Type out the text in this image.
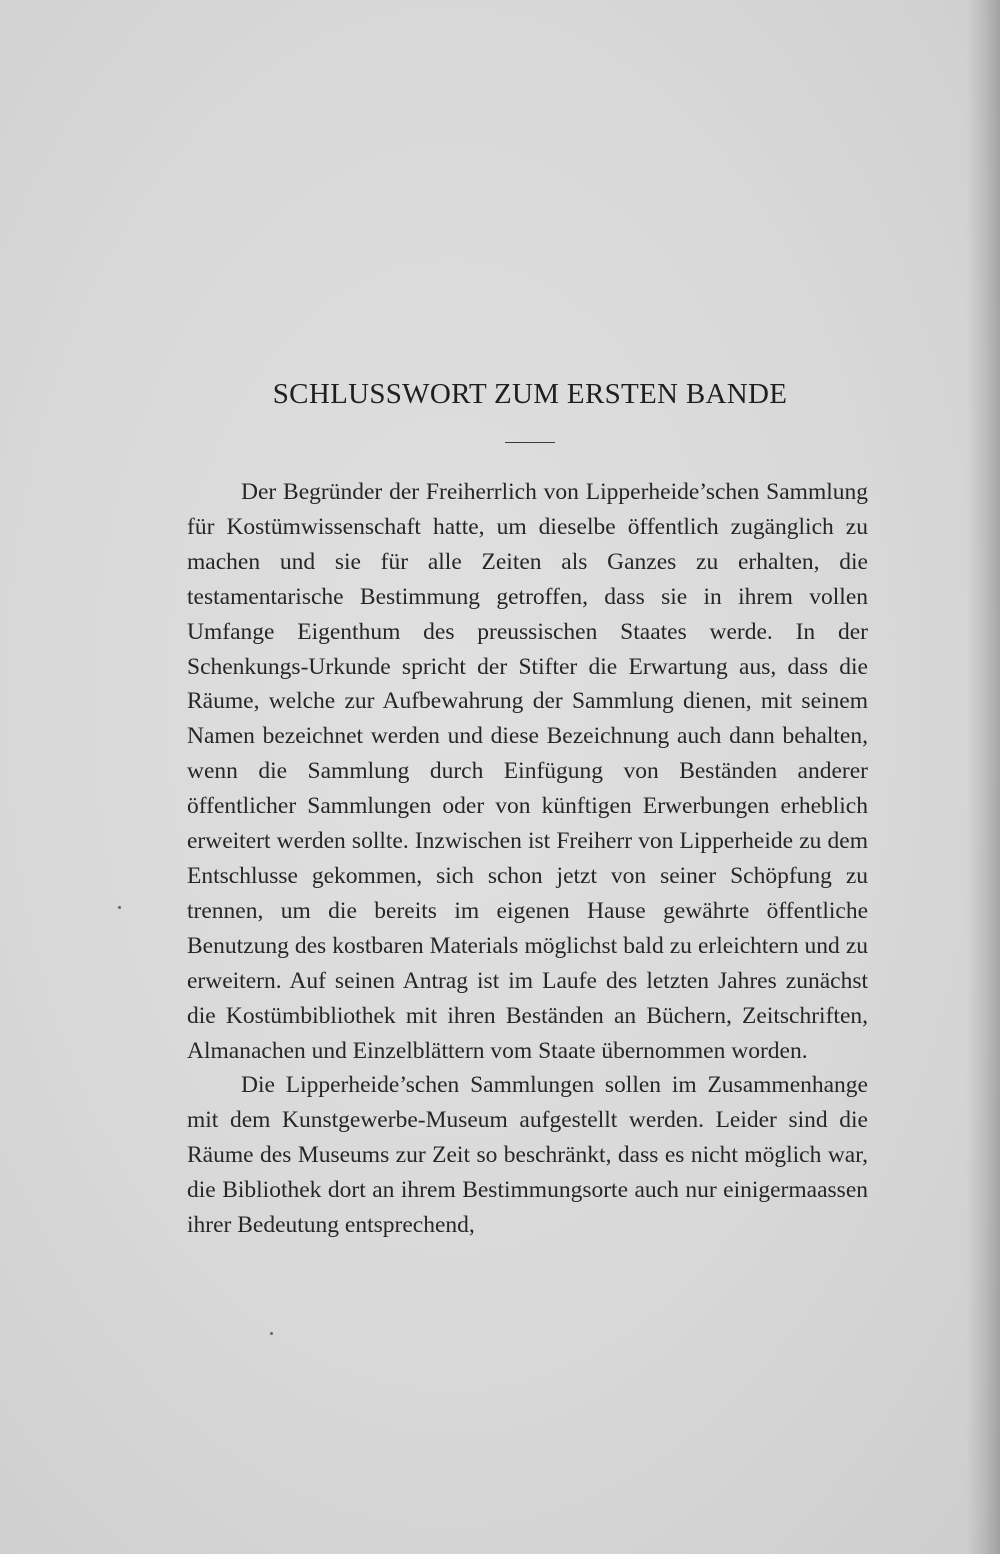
SCHLUSSWORT ZUM ERSTEN BANDE

Der Begründer der Freiherrlich von Lipperheide’schen Sammlung für Kostümwissenschaft hatte, um dieselbe öffentlich zugänglich zu machen und sie für alle Zeiten als Ganzes zu erhalten, die testamentarische Bestimmung getroffen, dass sie in ihrem vollen Umfange Eigenthum des preussischen Staates werde. In der Schenkungs-Urkunde spricht der Stifter die Erwartung aus, dass die Räume, welche zur Aufbewahrung der Sammlung dienen, mit seinem Namen bezeichnet werden und diese Bezeichnung auch dann behalten, wenn die Sammlung durch Einfügung von Beständen anderer öffentlicher Sammlungen oder von künftigen Erwerbungen erheblich erweitert werden sollte. Inzwischen ist Freiherr von Lipperheide zu dem Entschlusse gekommen, sich schon jetzt von seiner Schöpfung zu trennen, um die bereits im eigenen Hause gewährte öffentliche Benutzung des kostbaren Materials möglichst bald zu erleichtern und zu erweitern. Auf seinen Antrag ist im Laufe des letzten Jahres zunächst die Kostümbibliothek mit ihren Beständen an Büchern, Zeitschriften, Almanachen und Einzelblättern vom Staate übernommen worden.

Die Lipperheide’schen Sammlungen sollen im Zusammenhange mit dem Kunstgewerbe-Museum aufgestellt werden. Leider sind die Räume des Museums zur Zeit so beschränkt, dass es nicht möglich war, die Bibliothek dort an ihrem Bestimmungsorte auch nur einigermaassen ihrer Bedeutung entsprechend,
